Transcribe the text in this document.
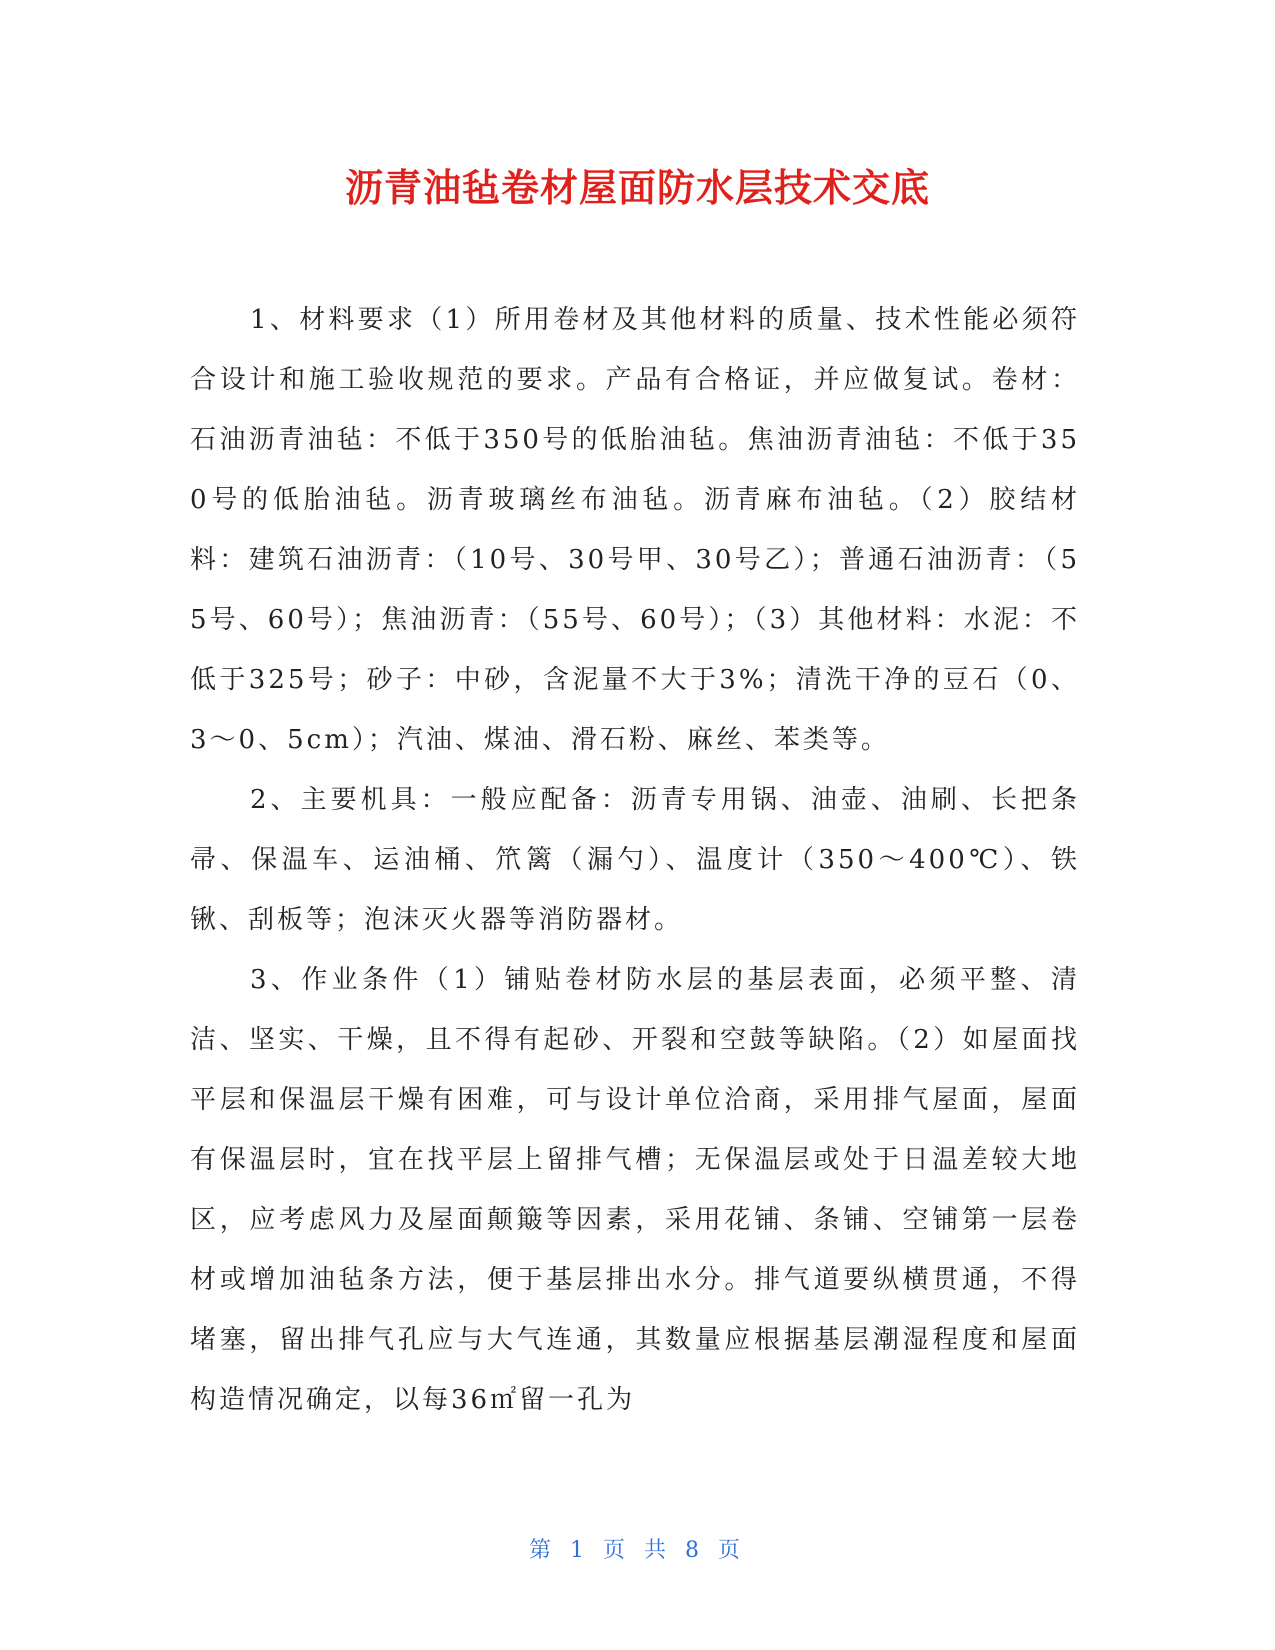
沥青油毡卷材屋面防水层技术交底

1、材料要求（1）所用卷材及其他材料的质量、技术性能必须符合设计和施工验收规范的要求。产品有合格证，并应做复试。卷材：石油沥青油毡：不低于350号的低胎油毡。焦油沥青油毡：不低于350号的低胎油毡。沥青玻璃丝布油毡。沥青麻布油毡。（2）胶结材料：建筑石油沥青：（10号、30号甲、30号乙）；普通石油沥青：（55号、60号）；焦油沥青：（55号、60号）；（3）其他材料：水泥：不低于325号；砂子：中砂，含泥量不大于3%；清洗干净的豆石（0、3～0、5cm）；汽油、煤油、滑石粉、麻丝、苯类等。

2、主要机具：一般应配备：沥青专用锅、油壶、油刷、长把条帚、保温车、运油桶、笊篱（漏勺）、温度计（350～400℃）、铁锹、刮板等；泡沫灭火器等消防器材。

3、作业条件（1）铺贴卷材防水层的基层表面，必须平整、清洁、坚实、干燥，且不得有起砂、开裂和空鼓等缺陷。（2）如屋面找平层和保温层干燥有困难，可与设计单位洽商，采用排气屋面，屋面有保温层时，宜在找平层上留排气槽；无保温层或处于日温差较大地区，应考虑风力及屋面颠簸等因素，采用花铺、条铺、空铺第一层卷材或增加油毡条方法，便于基层排出水分。排气道要纵横贯通，不得堵塞，留出排气孔应与大气连通，其数量应根据基层潮湿程度和屋面构造情况确定，以每36㎡留一孔为

第 1 页 共 8 页
